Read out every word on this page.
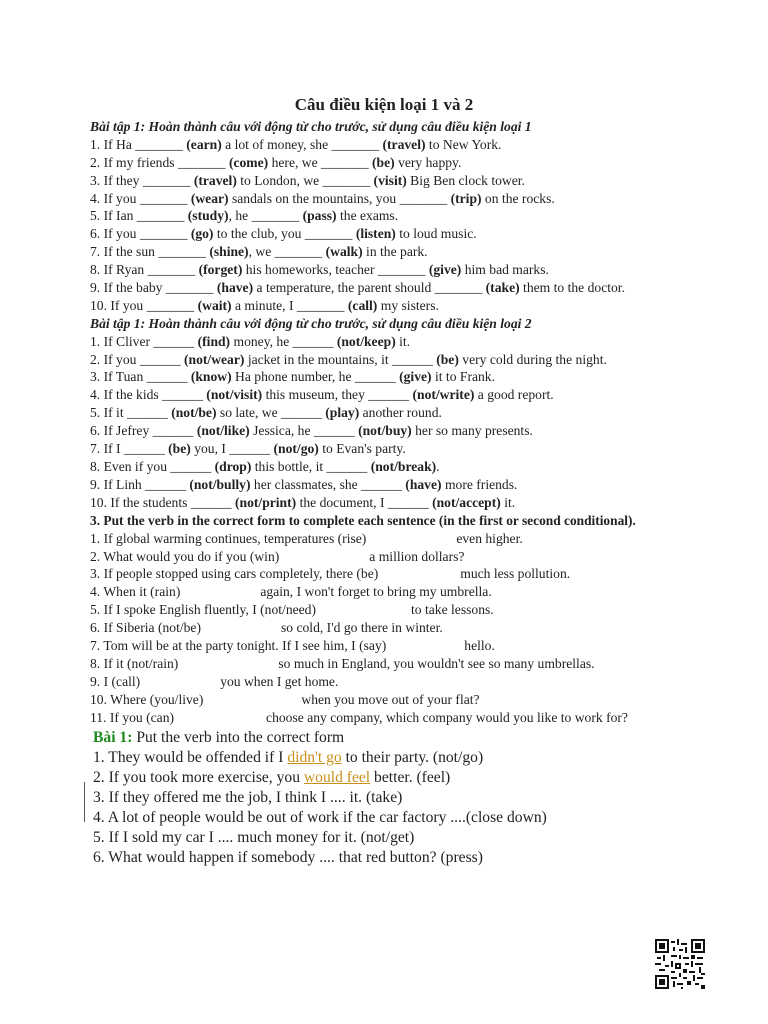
Câu điều kiện loại 1 và 2
Bài tập 1: Hoàn thành câu với động từ cho trước, sử dụng câu điều kiện loại 1
1. If Ha _______ (earn) a lot of money, she _______ (travel) to New York.
2. If my friends _______ (come) here, we _______ (be) very happy.
3. If they _______ (travel) to London, we _______ (visit) Big Ben clock tower.
4. If you _______ (wear) sandals on the mountains, you _______ (trip) on the rocks.
5. If Ian _______ (study), he _______ (pass) the exams.
6. If you _______ (go) to the club, you _______ (listen) to loud music.
7. If the sun _______ (shine), we _______ (walk) in the park.
8. If Ryan _______ (forget) his homeworks, teacher _______ (give) him bad marks.
9. If the baby _______ (have) a temperature, the parent should _______ (take) them to the doctor.
10. If you _______ (wait) a minute, I _______ (call) my sisters.
Bài tập 1: Hoàn thành câu với động từ cho trước, sử dụng câu điều kiện loại 2
1. If Cliver ______ (find) money, he ______ (not/keep) it.
2. If you ______ (not/wear) jacket in the mountains, it ______ (be) very cold during the night.
3. If Tuan ______ (know) Ha phone number, he ______ (give) it to Frank.
4. If the kids ______ (not/visit) this museum, they ______ (not/write) a good report.
5. If it ______ (not/be) so late, we ______ (play) another round.
6. If Jefrey ______ (not/like) Jessica, he ______ (not/buy) her so many presents.
7. If I ______ (be) you, I ______ (not/go) to Evan's party.
8. Even if you ______ (drop) this bottle, it ______ (not/break).
9. If Linh ______ (not/bully) her classmates, she ______ (have) more friends.
10. If the students ______ (not/print) the document, I ______ (not/accept) it.
3. Put the verb in the correct form to complete each sentence (in the first or second conditional).
1. If global warming continues, temperatures (rise)	even higher.
2. What would you do if you (win)	a million dollars?
3. If people stopped using cars completely, there (be)	much less pollution.
4. When it (rain)	again, I won't forget to bring my umbrella.
5. If I spoke English fluently, I (not/need)	to take lessons.
6. If Siberia (not/be)	so cold, I'd go there in winter.
7. Tom will be at the party tonight. If I see him, I (say)	hello.
8. If it (not/rain)	so much in England, you wouldn't see so many umbrellas.
9. I (call)	you when I get home.
10. Where (you/live)	when you move out of your flat?
11. If you (can)	choose any company, which company would you like to work for?
Bài 1: Put the verb into the correct form
1. They would be offended if I didn't go to their party. (not/go)
2. If you took more exercise, you would feel better. (feel)
3. If they offered me the job, I think I .... it. (take)
4. A lot of people would be out of work if the car factory ....(close down)
5. If I sold my car I .... much money for it. (not/get)
6. What would happen if somebody .... that red button? (press)
